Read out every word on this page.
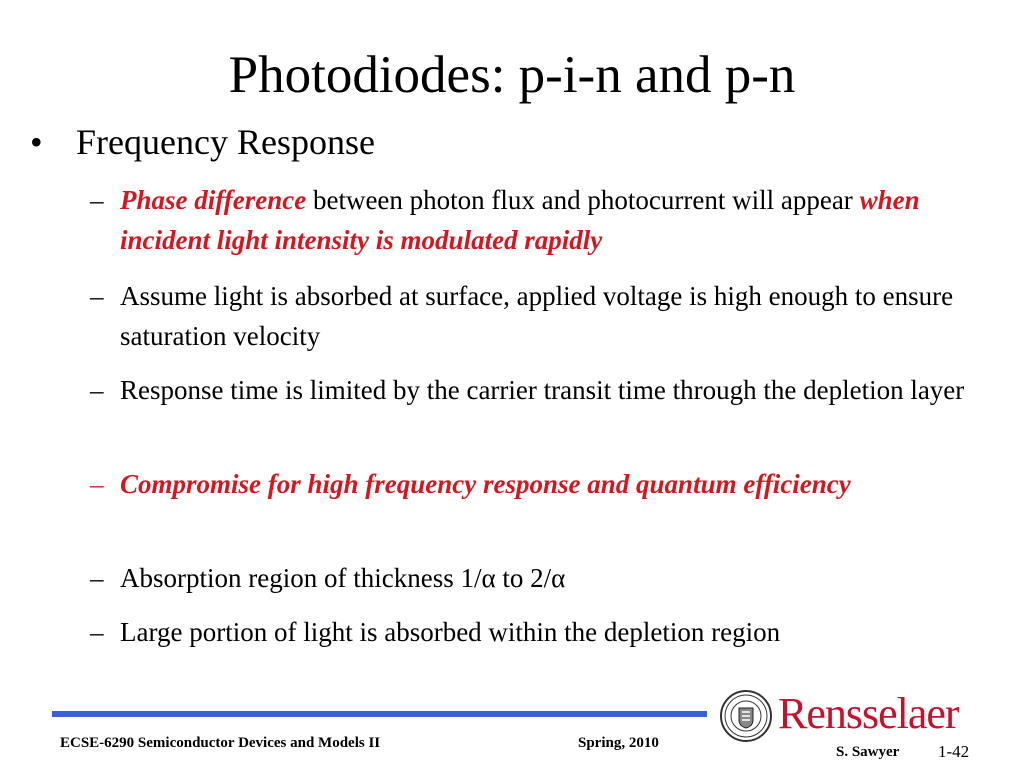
Photodiodes: p-i-n and p-n
• Frequency Response
– Phase difference between photon flux and photocurrent will appear when incident light intensity is modulated rapidly
– Assume light is absorbed at surface, applied voltage is high enough to ensure saturation velocity
– Response time is limited by the carrier transit time through the depletion layer
– Compromise for high frequency response and quantum efficiency
– Absorption region of thickness 1/α to 2/α
– Large portion of light is absorbed within the depletion region
ECSE-6290 Semiconductor Devices and Models II	Spring, 2010
S. Sawyer 1-42
Rensselaer
